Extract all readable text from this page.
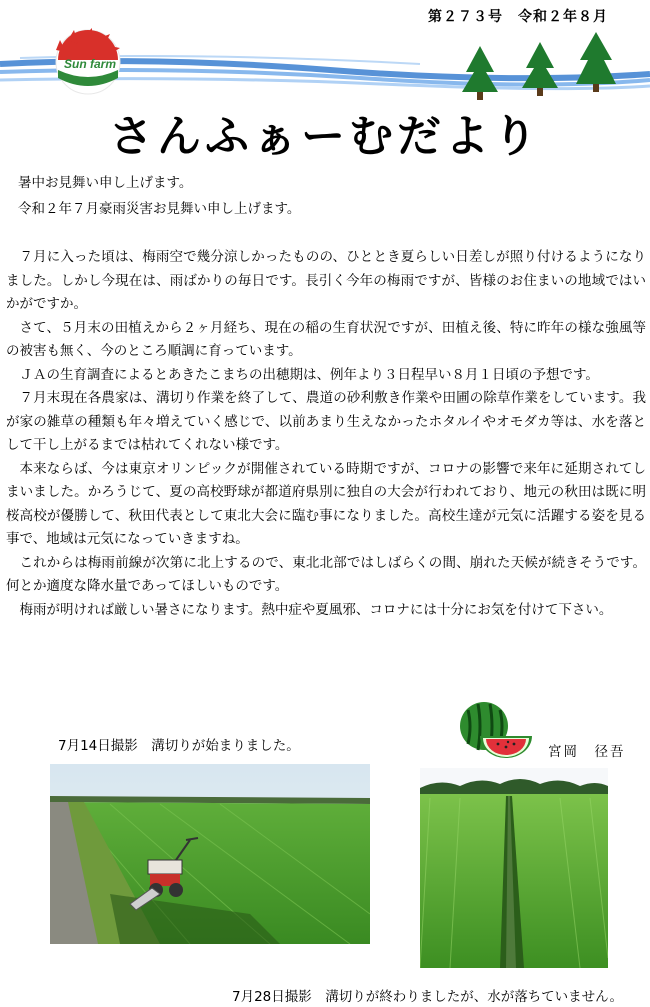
第２７３号　令和２年８月
Sun farm
さんふぁーむだより
暑中お見舞い申し上げます。
令和２年７月豪雨災害お見舞い申し上げます。

７月に入った頃は、梅雨空で幾分涼しかったものの、ひととき夏らしい日差しが照り付けるようになりました。しかし今現在は、雨ばかりの毎日です。長引く今年の梅雨ですが、皆様のお住まいの地域ではいかがですか。

さて、５月末の田植えから２ヶ月経ち、現在の稲の生育状況ですが、田植え後、特に昨年の様な強風等の被害も無く、今のところ順調に育っています。

ＪＡの生育調査によるとあきたこまちの出穂期は、例年より３日程早い８月１日頃の予想です。

７月末現在各農家は、溝切り作業を終了して、農道の砂利敷き作業や田圃の除草作業をしています。我が家の雑草の種類も年々増えていく感じで、以前あまり生えなかったホタルイやオモダカ等は、水を落として干し上がるまでは枯れてくれない様です。

本来ならば、今は東京オリンピックが開催されている時期ですが、コロナの影響で来年に延期されてしまいました。かろうじて、夏の高校野球が都道府県別に独自の大会が行われており、地元の秋田は既に明桜高校が優勝して、秋田代表として東北大会に臨む事になりました。高校生達が元気に活躍する姿を見る事で、地域は元気になっていきますね。

これからは梅雨前線が次第に北上するので、東北北部ではしばらくの間、崩れた天候が続きそうです。何とか適度な降水量であってほしいものです。

梅雨が明ければ厳しい暑さになります。熱中症や夏風邪、コロナには十分にお気を付けて下さい。

7月14日撮影　溝切りが始まりました。	宮岡　径吾
7月28日撮影　溝切りが終わりましたが、水が落ちていません。
